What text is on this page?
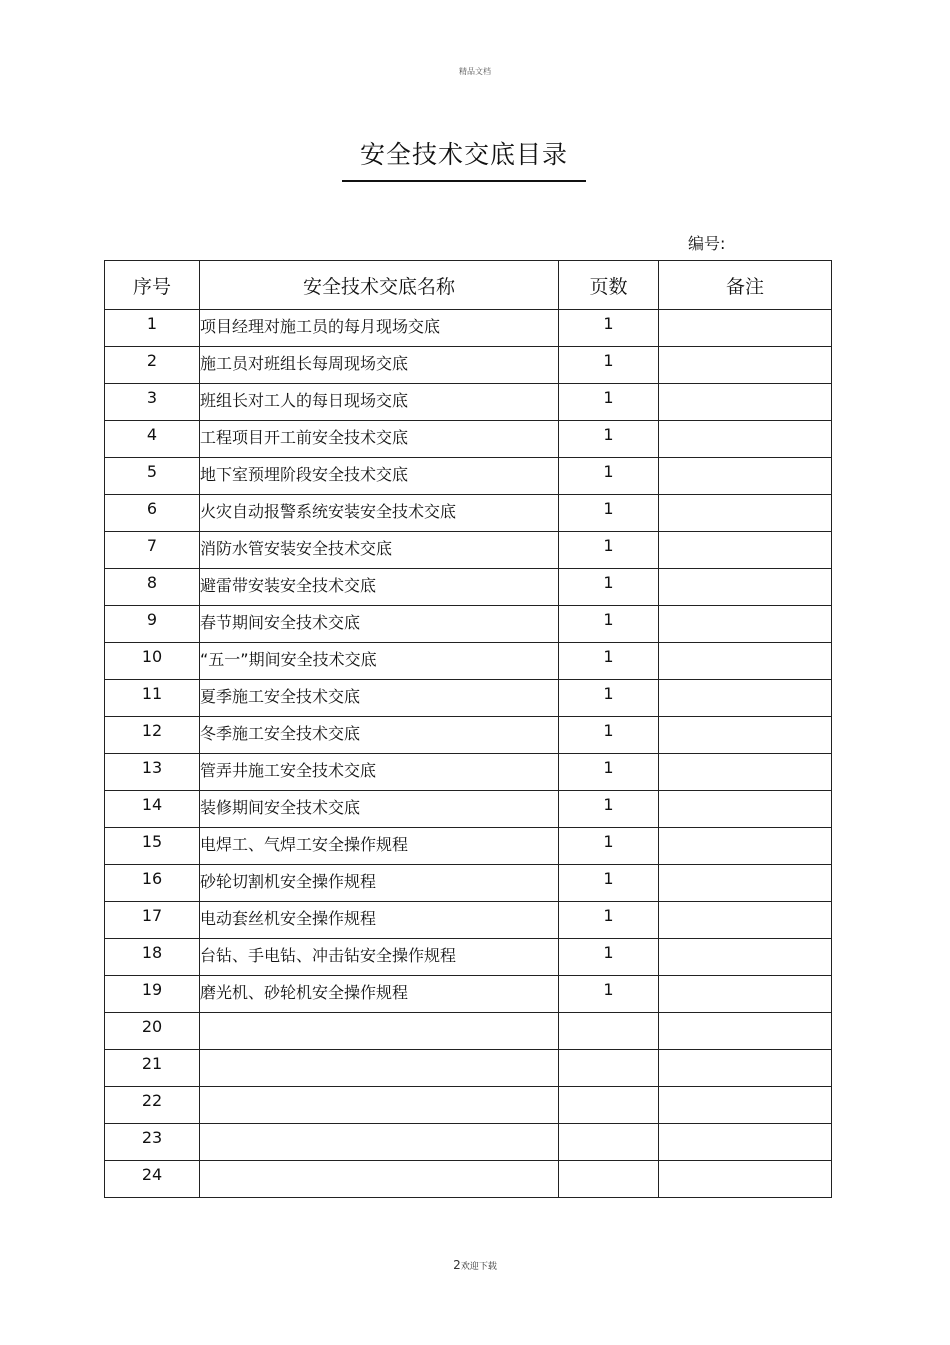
精品文档
安全技术交底目录
编号:
序号	安全技术交底名称	页数	备注
1	项目经理对施工员的每月现场交底	1	
2	施工员对班组长每周现场交底	1	
3	班组长对工人的每日现场交底	1	
4	工程项目开工前安全技术交底	1	
5	地下室预埋阶段安全技术交底	1	
6	火灾自动报警系统安装安全技术交底	1	
7	消防水管安装安全技术交底	1	
8	避雷带安装安全技术交底	1	
9	春节期间安全技术交底	1	
10	“五一”期间安全技术交底	1	
11	夏季施工安全技术交底	1	
12	冬季施工安全技术交底	1	
13	管弄井施工安全技术交底	1	
14	装修期间安全技术交底	1	
15	电焊工、气焊工安全操作规程	1	
16	砂轮切割机安全操作规程	1	
17	电动套丝机安全操作规程	1	
18	台钻、手电钻、冲击钻安全操作规程	1	
19	磨光机、砂轮机安全操作规程	1	
20			
21			
22			
23			
24			
2欢迎下载
